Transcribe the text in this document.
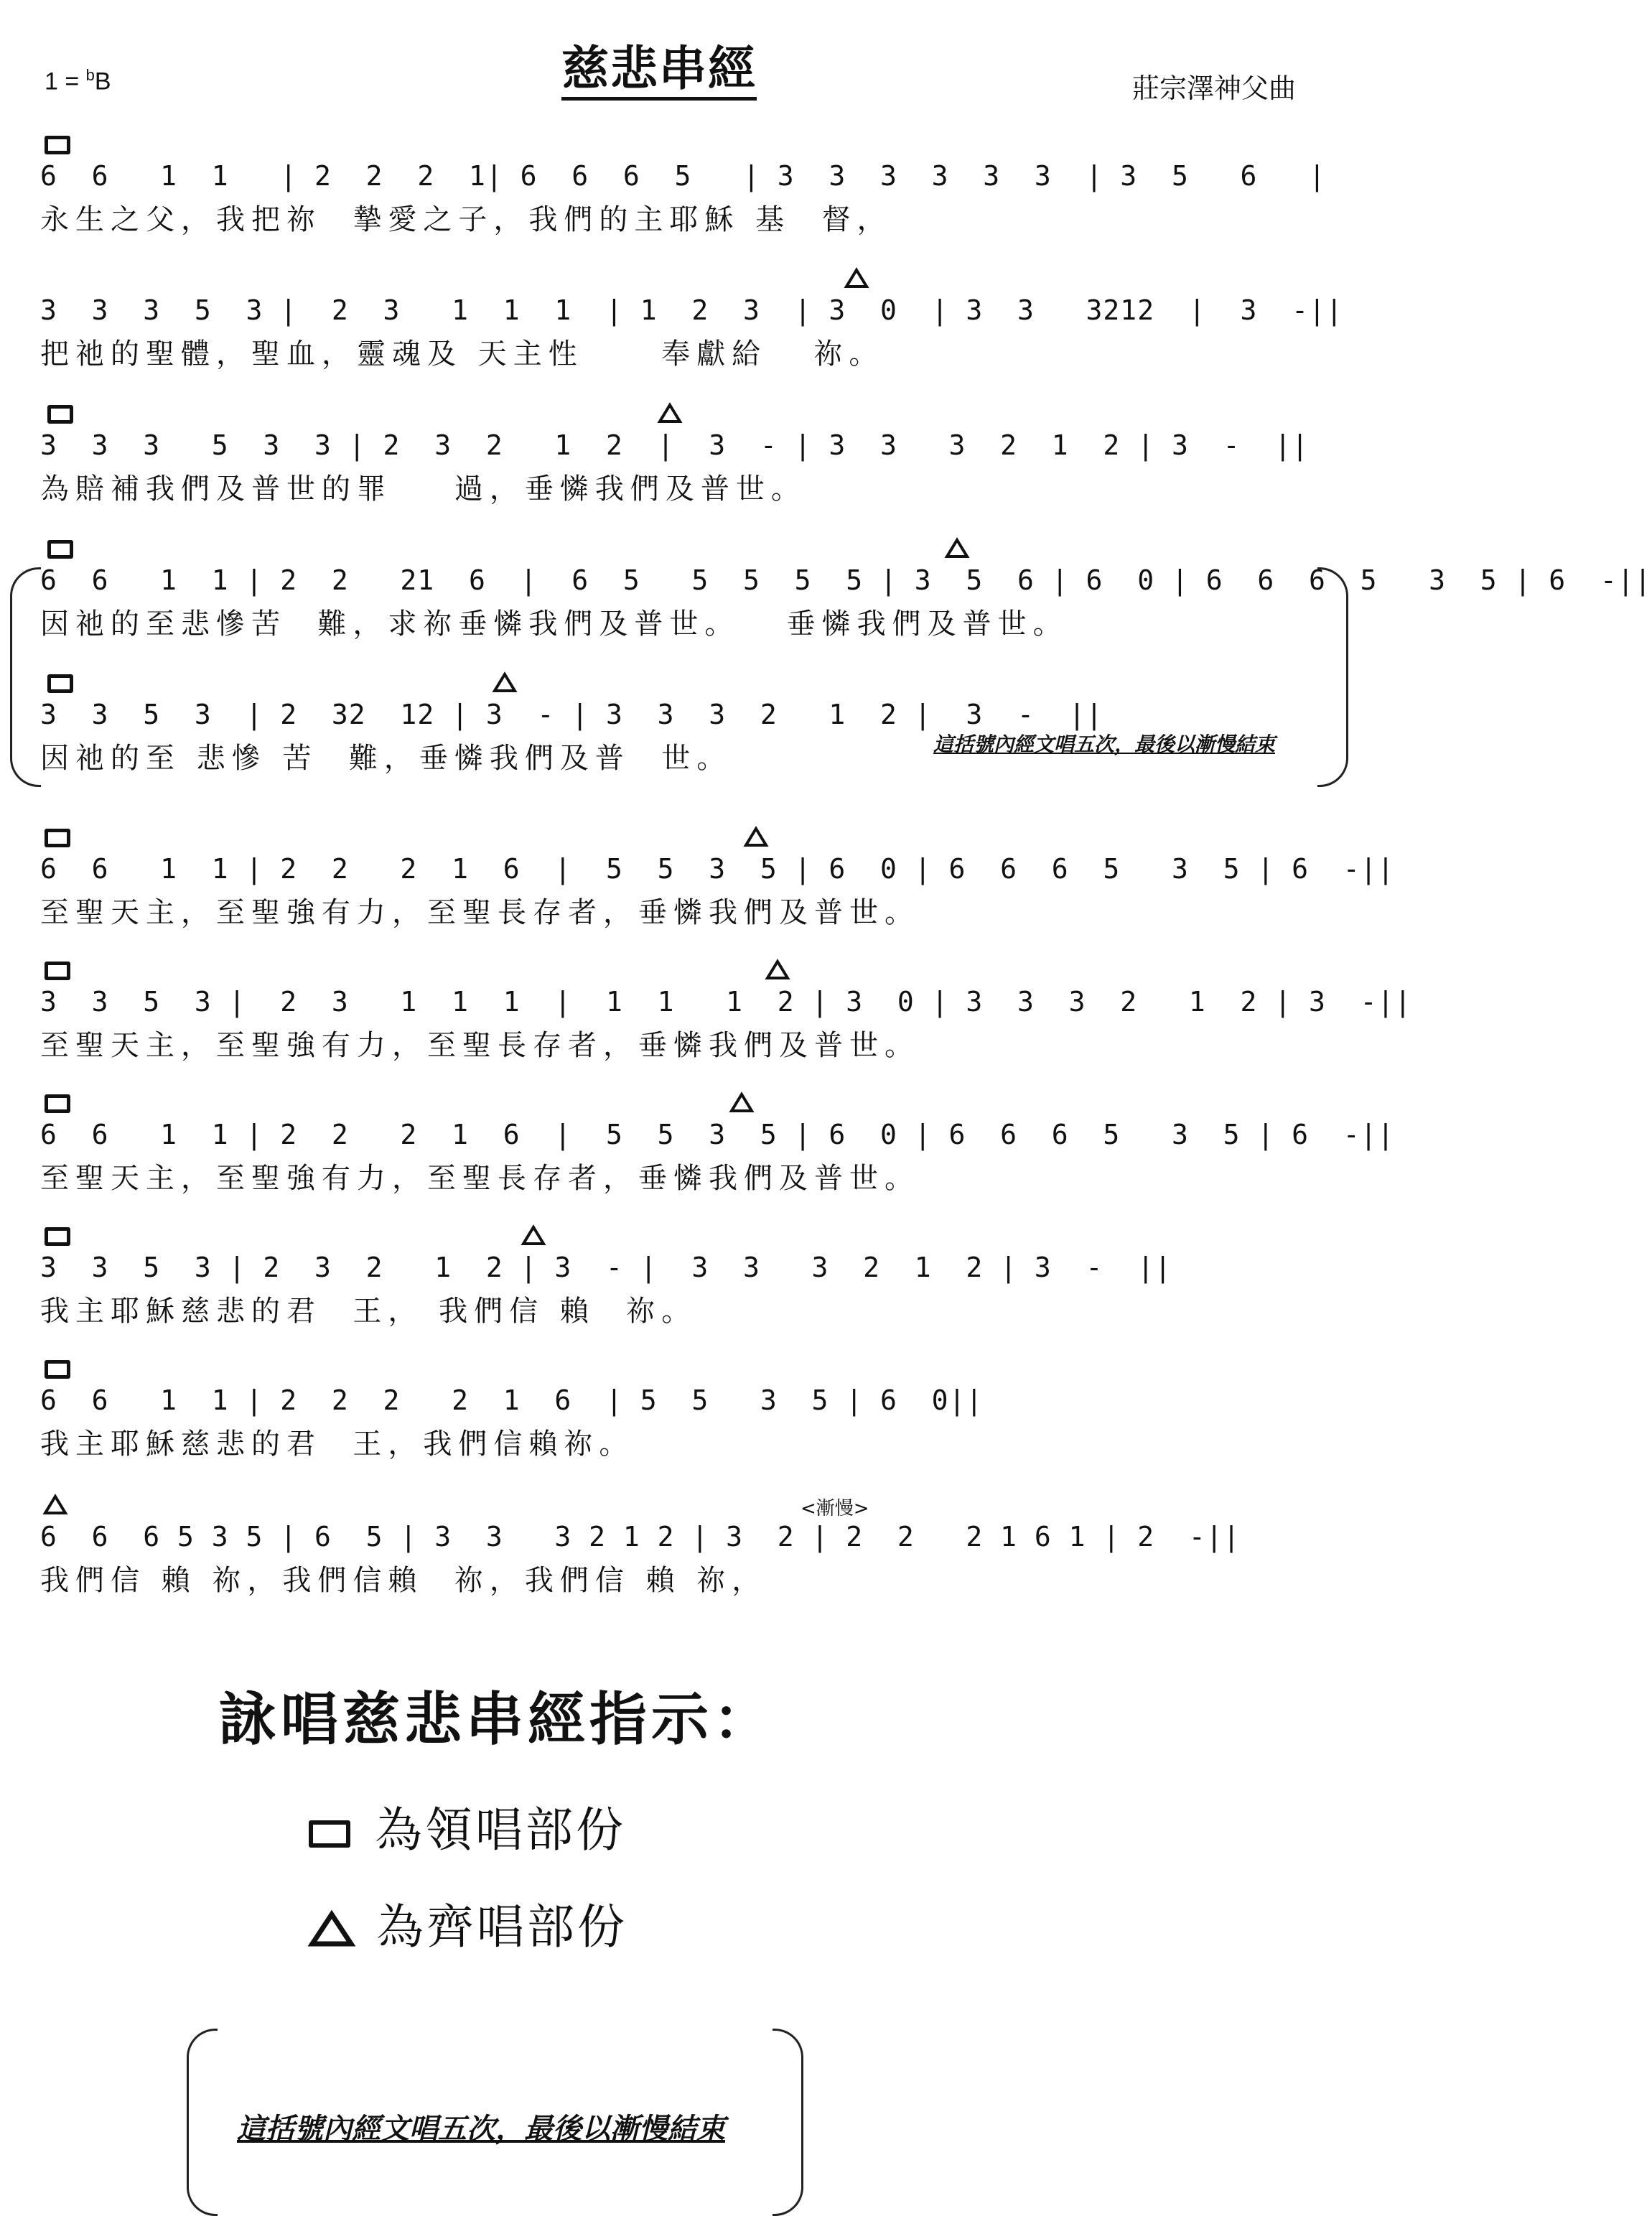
1 = $^b$B	慈悲串經	莊宗澤神父曲
6  6   1  1   | 2  2  2  1| 6  6  6  5   | 3  3  3  3  3  3  | 3  5   6   |
永生之父，我把祢  摯愛之子，我們的主耶穌 基  督，
3  3  3  5  3 |  2  3   1  1  1  | 1  2  3  | 3  0  | 3  3   3212  |  3  -||
把祂的聖體，聖血，靈魂及 天主性     奉獻給   祢。
3  3  3   5  3  3 | 2  3  2   1  2  |  3  - | 3  3   3  2  1  2 | 3  -  ||
為賠補我們及普世的罪    過，垂憐我們及普世。
6  6   1  1 | 2  2   21  6  |  6  5   5  5  5  5 | 3  5  6 | 6  0 | 6  6  6  5   3  5 | 6  -||
因祂的至悲慘苦  難，求祢垂憐我們及普世。   垂憐我們及普世。
3  3  5  3  | 2  32  12 | 3  - | 3  3  3  2   1  2 |  3  -  ||
因祂的至 悲慘 苦  難，垂憐我們及普  世。	這括號內經文唱五次，最後以漸慢結束
6  6   1  1 | 2  2   2  1  6  |  5  5  3  5 | 6  0 | 6  6  6  5   3  5 | 6  -||
至聖天主，至聖強有力，至聖長存者，垂憐我們及普世。
3  3  5  3 |  2  3   1  1  1  |  1  1   1  2 | 3  0 | 3  3  3  2   1  2 | 3  -||
至聖天主，至聖強有力，至聖長存者，垂憐我們及普世。
6  6   1  1 | 2  2   2  1  6  |  5  5  3  5 | 6  0 | 6  6  6  5   3  5 | 6  -||
至聖天主，至聖強有力，至聖長存者，垂憐我們及普世。
3  3  5  3 | 2  3  2   1  2 | 3  - |  3  3   3  2  1  2 | 3  -  ||
我主耶穌慈悲的君  王， 我們信 賴  祢。
6  6   1  1 | 2  2  2   2  1  6  | 5  5   3  5 | 6  0||
我主耶穌慈悲的君  王，我們信賴祢。
<漸慢>
6  6  6 5 3 5 | 6  5 | 3  3   3 2 1 2 | 3  2 | 2  2   2 1 6 1 | 2  -||
我們信 賴 祢，我們信賴  祢，我們信 賴 祢，
詠唱慈悲串經指示：
為領唱部份
為齊唱部份
這括號內經文唱五次，最後以漸慢結束
